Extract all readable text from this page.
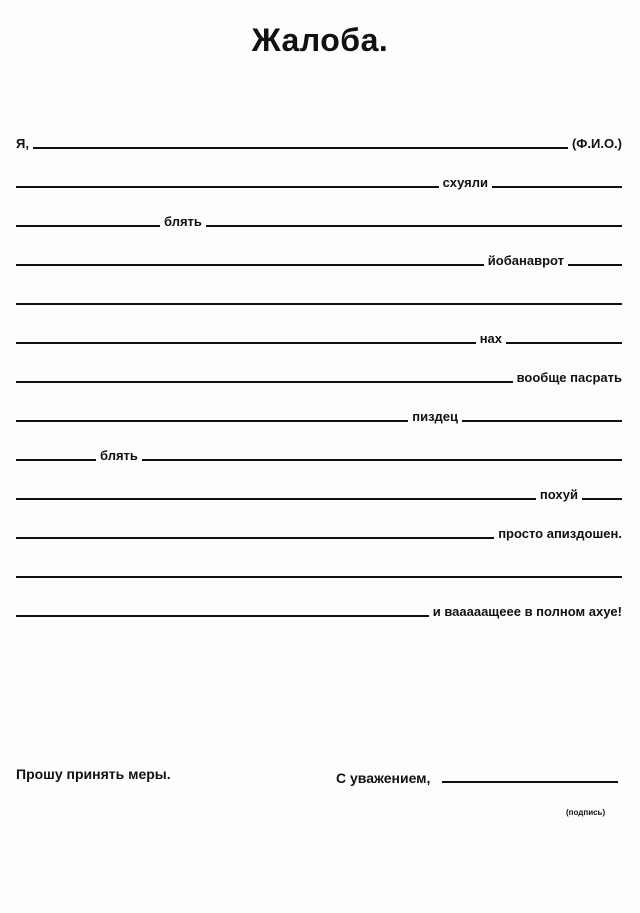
Жалоба.
Я,	(Ф.И.О.)
схуяли
блять
йобанаврот
нах
вообще пасрать
пиздец
блять
похуй
просто апиздошен.
и вааааащеее в полном ахуе!
Прошу принять меры.	С уважением,
(подпись)
